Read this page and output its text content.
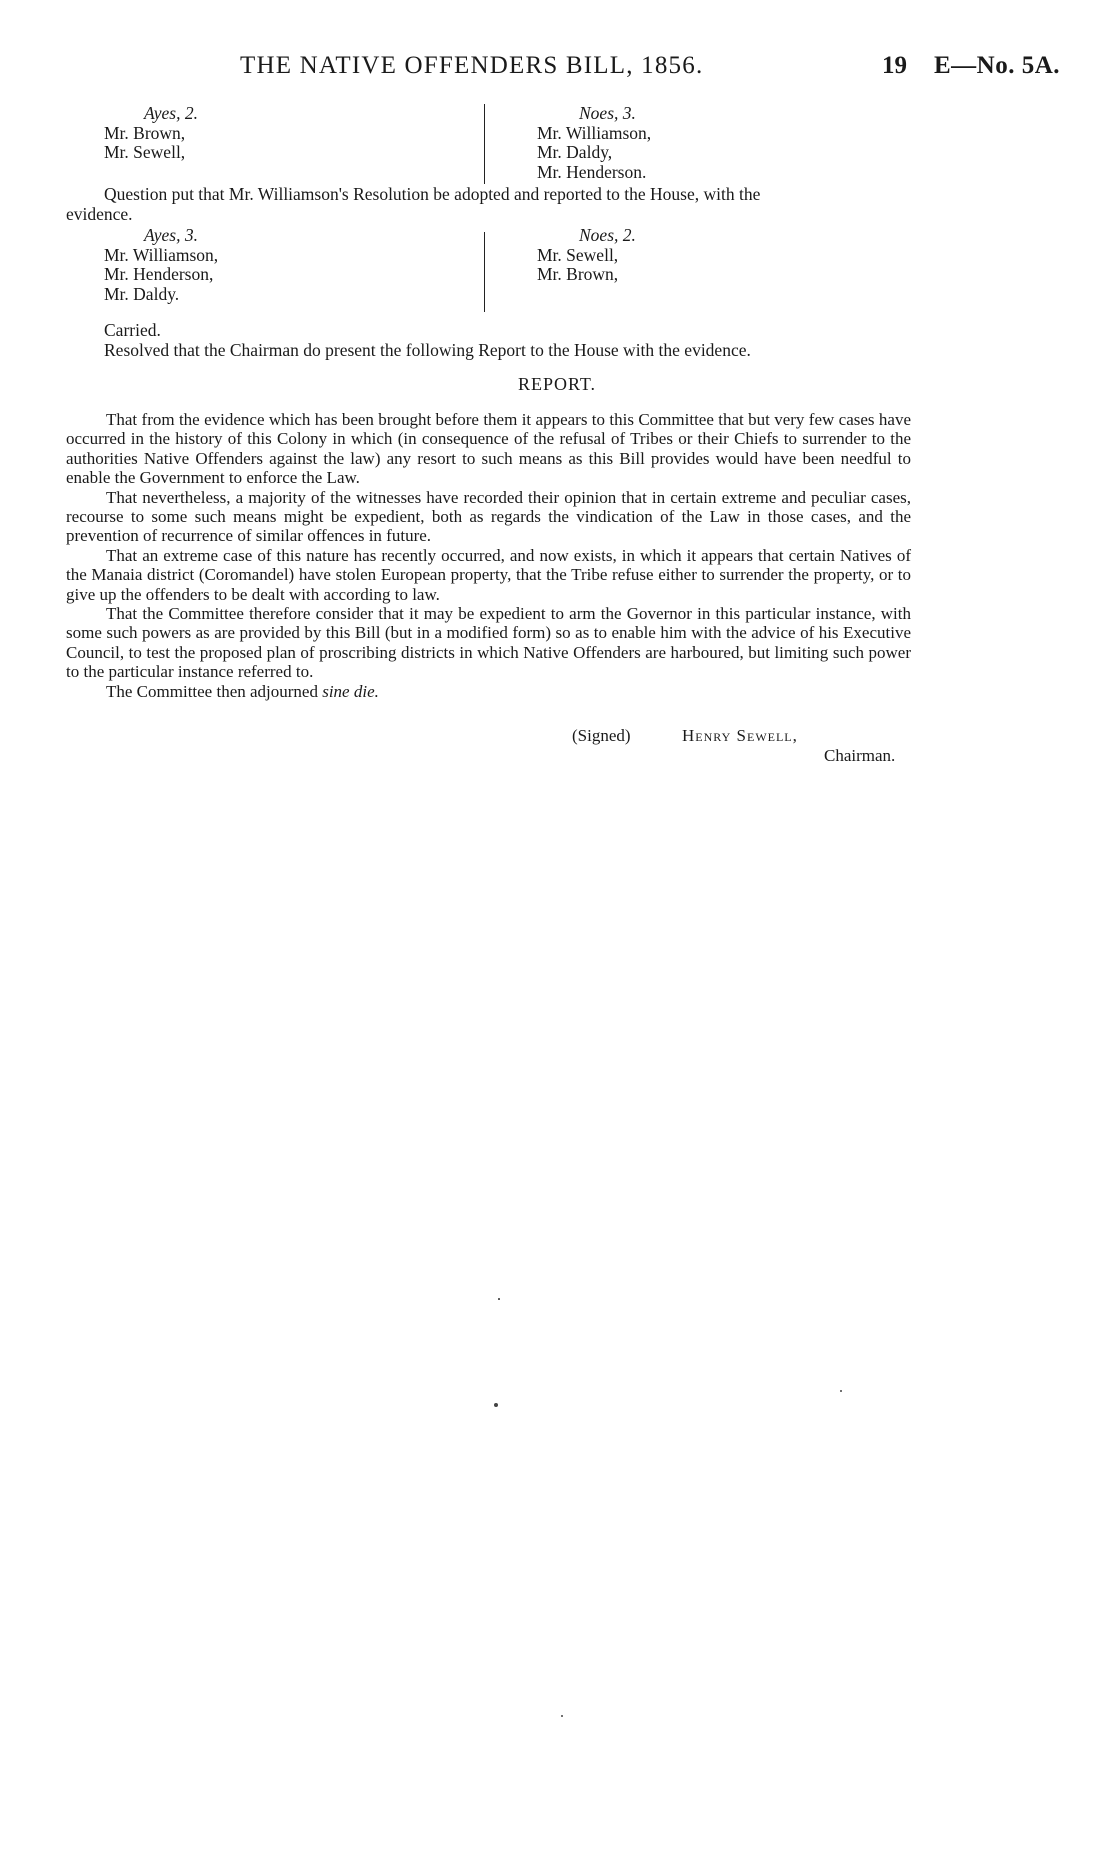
THE NATIVE OFFENDERS BILL, 1856.	19 E—No. 5A.
Ayes, 2.
Mr. Brown,
Mr. Sewell,
Noes, 3.
Mr. Williamson,
Mr. Daldy,
Mr. Henderson.
Question put that Mr. Williamson's Resolution be adopted and reported to the House, with the
evidence.
Ayes, 3.
Mr. Williamson,
Mr. Henderson,
Mr. Daldy.
Noes, 2.
Mr. Sewell,
Mr. Brown,
Carried.
Resolved that the Chairman do present the following Report to the House with the evidence.
REPORT.

That from the evidence which has been brought before them it appears to this Committee that but very few cases have occurred in the history of this Colony in which (in consequence of the refusal of Tribes or their Chiefs to surrender to the authorities Native Offenders against the law) any resort to such means as this Bill provides would have been needful to enable the Government to enforce the Law.

That nevertheless, a majority of the witnesses have recorded their opinion that in certain extreme and peculiar cases, recourse to some such means might be expedient, both as regards the vindication of the Law in those cases, and the prevention of recurrence of similar offences in future.

That an extreme case of this nature has recently occurred, and now exists, in which it appears that certain Natives of the Manaia district (Coromandel) have stolen European property, that the Tribe refuse either to surrender the property, or to give up the offenders to be dealt with according to law.

That the Committee therefore consider that it may be expedient to arm the Governor in this particular instance, with some such powers as are provided by this Bill (but in a modified form) so as to enable him with the advice of his Executive Council, to test the proposed plan of proscribing districts in which Native Offenders are harboured, but limiting such power to the particular instance referred to.

The Committee then adjourned sine die.

(Signed)	Henry Sewell,
Chairman.
